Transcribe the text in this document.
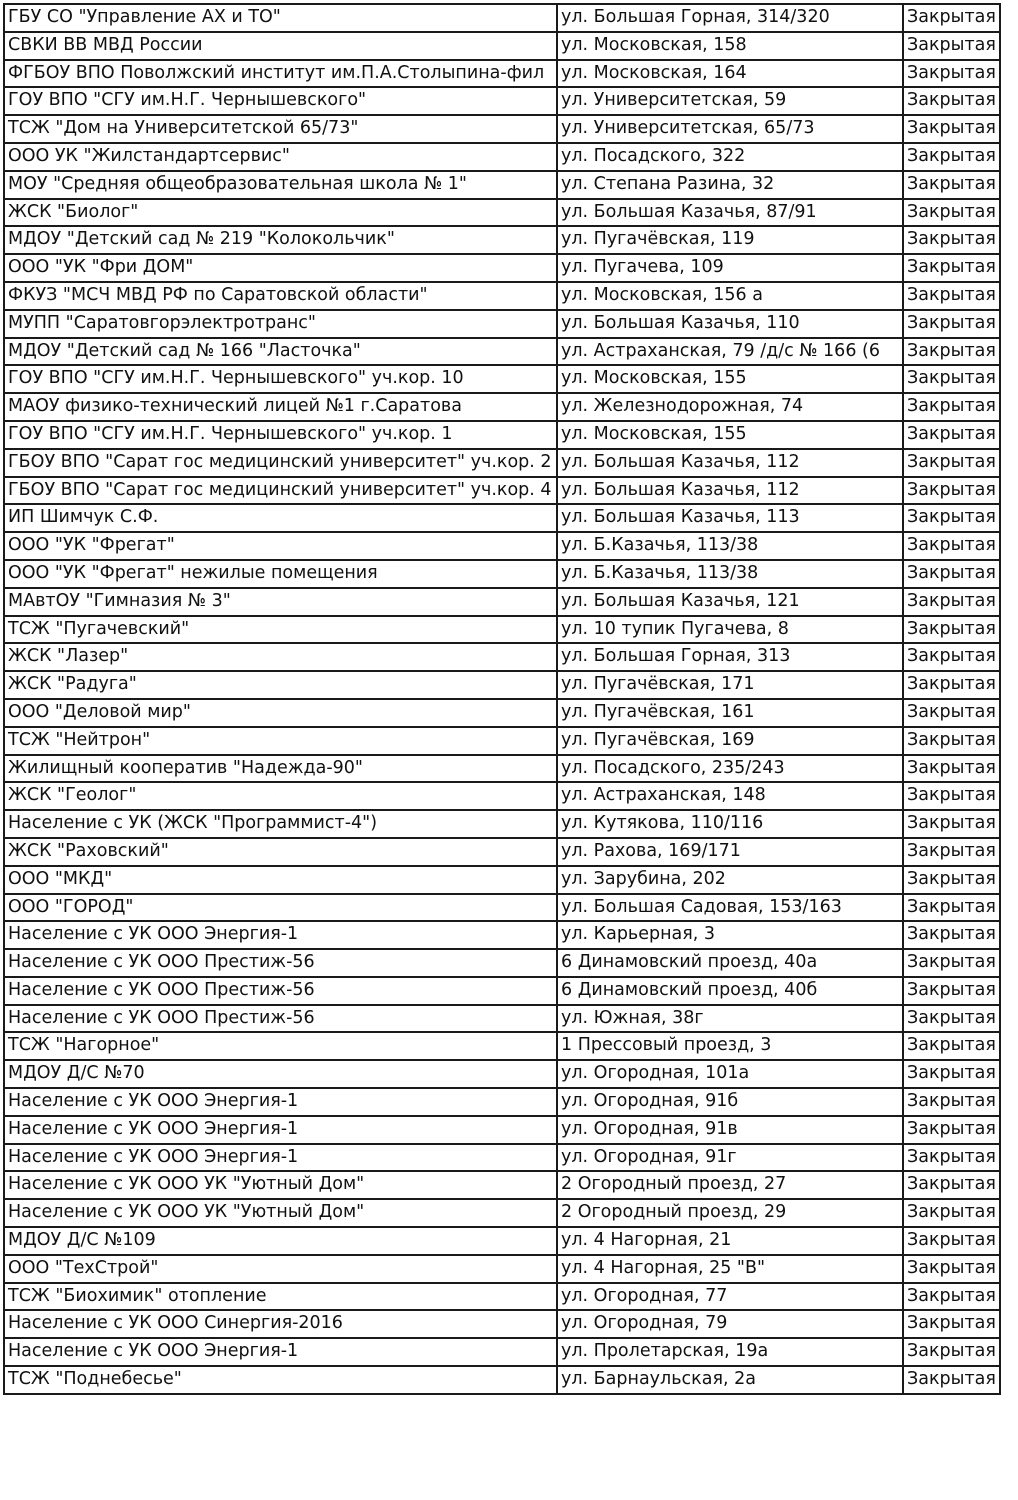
ГБУ СО "Управление АХ и ТО"	ул. Большая Горная, 314/320	Закрытая
СВКИ ВВ МВД России	ул. Московская, 158	Закрытая
ФГБОУ ВПО Поволжский институт им.П.А.Столыпина-фил	ул. Московская, 164	Закрытая
ГОУ ВПО "СГУ им.Н.Г. Чернышевского"	ул. Университетская, 59	Закрытая
ТСЖ "Дом на Университетской 65/73"	ул. Университетская, 65/73	Закрытая
ООО УК "Жилстандартсервис"	ул. Посадского, 322	Закрытая
МОУ "Средняя общеобразовательная школа № 1"	ул. Степана Разина, 32	Закрытая
ЖСК "Биолог"	ул. Большая Казачья, 87/91	Закрытая
МДОУ "Детский сад № 219 "Колокольчик"	ул. Пугачёвская, 119	Закрытая
ООО "УК "Фри ДОМ"	ул. Пугачева, 109	Закрытая
ФКУЗ "МСЧ МВД РФ по Саратовской области"	ул. Московская, 156 а	Закрытая
МУПП "Саратовгорэлектротранс"	ул. Большая Казачья, 110	Закрытая
МДОУ "Детский сад № 166 "Ласточка"	ул. Астраханская, 79 /д/с № 166 (6	Закрытая
ГОУ ВПО "СГУ им.Н.Г. Чернышевского" уч.кор. 10	ул. Московская, 155	Закрытая
МАОУ физико-технический лицей №1 г.Саратова	ул. Железнодорожная, 74	Закрытая
ГОУ ВПО "СГУ им.Н.Г. Чернышевского" уч.кор. 1	ул. Московская, 155	Закрытая
ГБОУ ВПО "Сарат гос медицинский университет" уч.кор. 2	ул. Большая Казачья, 112	Закрытая
ГБОУ ВПО "Сарат гос медицинский университет" уч.кор. 4	ул. Большая Казачья, 112	Закрытая
ИП Шимчук С.Ф.	ул. Большая Казачья, 113	Закрытая
ООО "УК "Фрегат"	ул. Б.Казачья, 113/38	Закрытая
ООО "УК "Фрегат" нежилые помещения	ул. Б.Казачья, 113/38	Закрытая
МАвтОУ "Гимназия № 3"	ул. Большая Казачья, 121	Закрытая
ТСЖ "Пугачевский"	ул. 10 тупик Пугачева, 8	Закрытая
ЖСК "Лазер"	ул. Большая Горная, 313	Закрытая
ЖСК "Радуга"	ул. Пугачёвская, 171	Закрытая
ООО "Деловой мир"	ул. Пугачёвская, 161	Закрытая
ТСЖ "Нейтрон"	ул. Пугачёвская, 169	Закрытая
Жилищный кооператив "Надежда-90"	ул. Посадского, 235/243	Закрытая
ЖСК "Геолог"	ул. Астраханская, 148	Закрытая
Население с УК (ЖСК "Программист-4")	ул. Кутякова, 110/116	Закрытая
ЖСК "Раховский"	ул. Рахова, 169/171	Закрытая
ООО "МКД"	ул. Зарубина, 202	Закрытая
ООО "ГОРОД"	ул. Большая Садовая, 153/163	Закрытая
Население с УК ООО Энергия-1	ул. Карьерная, 3	Закрытая
Население с УК ООО Престиж-56	6 Динамовский проезд, 40а	Закрытая
Население с УК ООО Престиж-56	6 Динамовский проезд, 40б	Закрытая
Население с УК ООО Престиж-56	ул. Южная, 38г	Закрытая
ТСЖ "Нагорное"	1 Прессовый проезд, 3	Закрытая
МДОУ Д/С №70	ул. Огородная, 101а	Закрытая
Население с УК ООО Энергия-1	ул. Огородная, 91б	Закрытая
Население с УК ООО Энергия-1	ул. Огородная, 91в	Закрытая
Население с УК ООО Энергия-1	ул. Огородная, 91г	Закрытая
Население с УК ООО УК "Уютный Дом"	2 Огородный проезд, 27	Закрытая
Население с УК ООО УК "Уютный Дом"	2 Огородный проезд, 29	Закрытая
МДОУ Д/С №109	ул. 4 Нагорная, 21	Закрытая
ООО "ТехСтрой"	ул. 4 Нагорная, 25 "В"	Закрытая
ТСЖ "Биохимик" отопление	ул. Огородная, 77	Закрытая
Население с УК ООО Синергия-2016	ул. Огородная, 79	Закрытая
Население с УК ООО Энергия-1	ул. Пролетарская, 19а	Закрытая
ТСЖ "Поднебесье"	ул. Барнаульская, 2а	Закрытая
